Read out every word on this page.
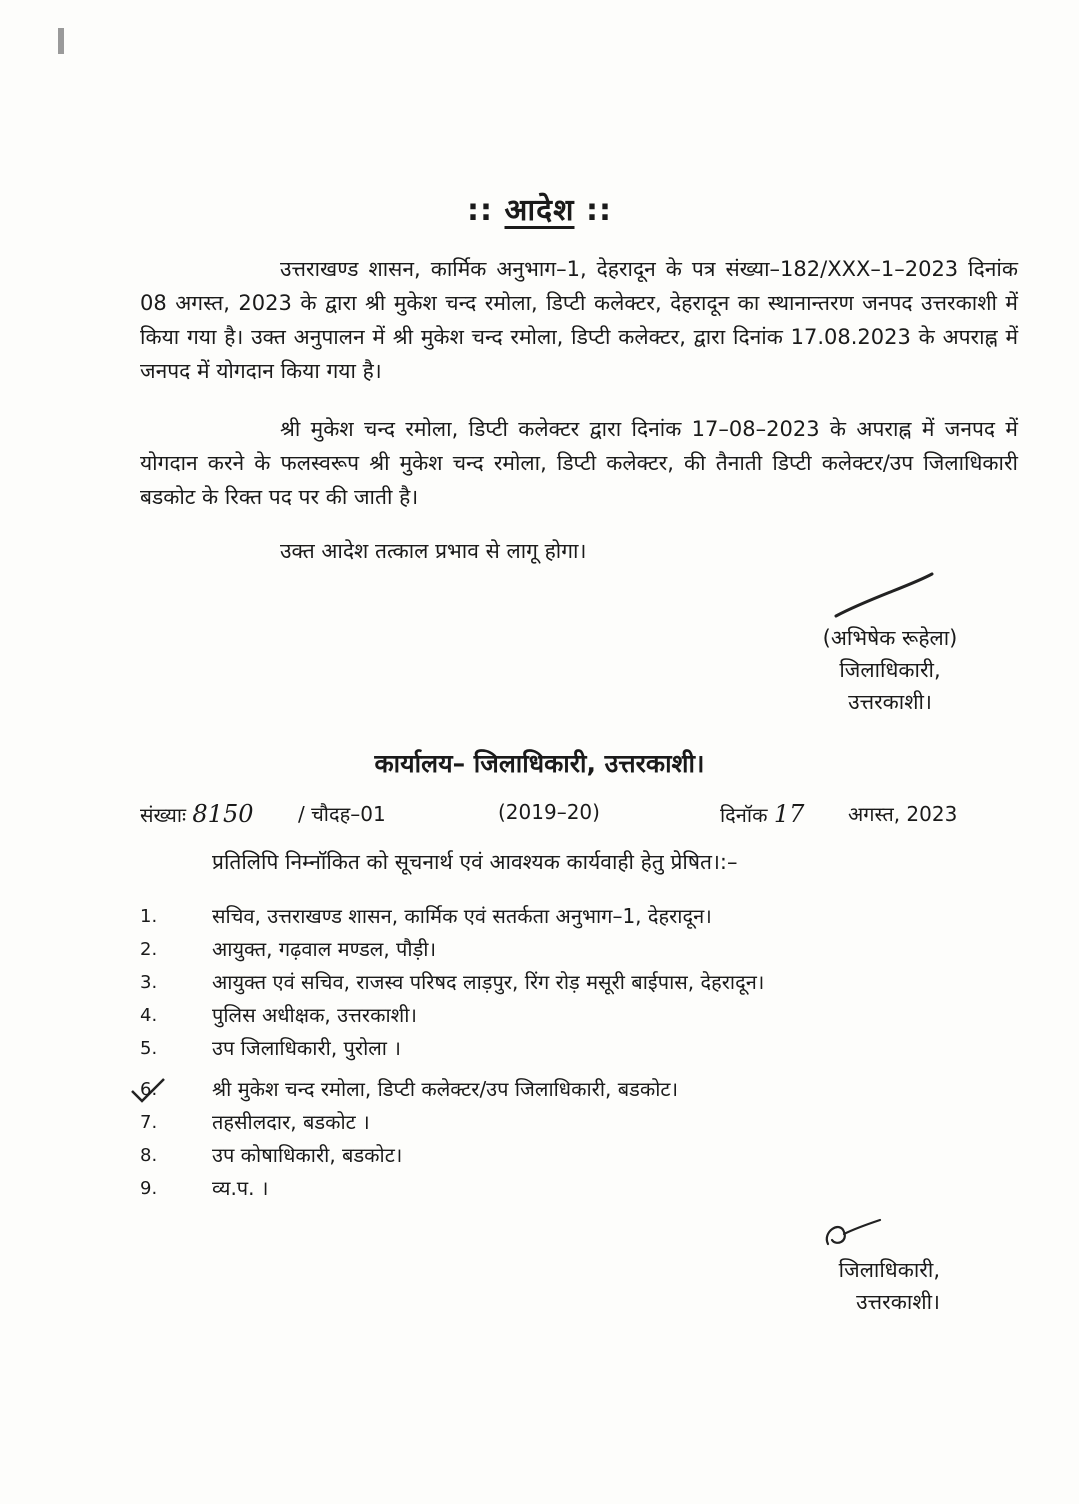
:: आदेश ::

उत्तराखण्ड शासन, कार्मिक अनुभाग–1, देहरादून के पत्र संख्या–182/XXX–1–2023 दिनांक 08 अगस्त, 2023 के द्वारा श्री मुकेश चन्द रमोला, डिप्टी कलेक्टर, देहरादून का स्थानान्तरण जनपद उत्तरकाशी में किया गया है। उक्त अनुपालन में श्री मुकेश चन्द रमोला, डिप्टी कलेक्टर, द्वारा दिनांक 17.08.2023 के अपराह्न में जनपद में योगदान किया गया है।

श्री मुकेश चन्द रमोला, डिप्टी कलेक्टर द्वारा दिनांक 17–08–2023 के अपराह्न में जनपद में योगदान करने के फलस्वरूप श्री मुकेश चन्द रमोला, डिप्टी कलेक्टर, की तैनाती डिप्टी कलेक्टर/उप जिलाधिकारी बडकोट के रिक्त पद पर की जाती है।

उक्त आदेश तत्काल प्रभाव से लागू होगा।

(अभिषेक रूहेला)
जिलाधिकारी,
उत्तरकाशी।
कार्यालय– जिलाधिकारी, उत्तरकाशी।
संख्याः 8150 / चौदह–01	(2019–20)	दिनॉक 17 अगस्त, 2023
प्रतिलिपि निम्नॉकित को सूचनार्थ एवं आवश्यक कार्यवाही हेतु प्रेषित।:–
1.	सचिव, उत्तराखण्ड शासन, कार्मिक एवं सतर्कता अनुभाग–1, देहरादून।
2.	आयुक्त, गढ़वाल मण्डल, पौड़ी।
3.	आयुक्त एवं सचिव, राजस्व परिषद लाड़पुर, रिंग रोड़ मसूरी बाईपास, देहरादून।
4.	पुलिस अधीक्षक, उत्तरकाशी।
5.	उप जिलाधिकारी, पुरोला ।
6.	श्री मुकेश चन्द रमोला, डिप्टी कलेक्टर/उप जिलाधिकारी, बडकोट।
7.	तहसीलदार, बडकोट ।
8.	उप कोषाधिकारी, बडकोट।
9.	व्य.प. ।
जिलाधिकारी,
उत्तरकाशी।
